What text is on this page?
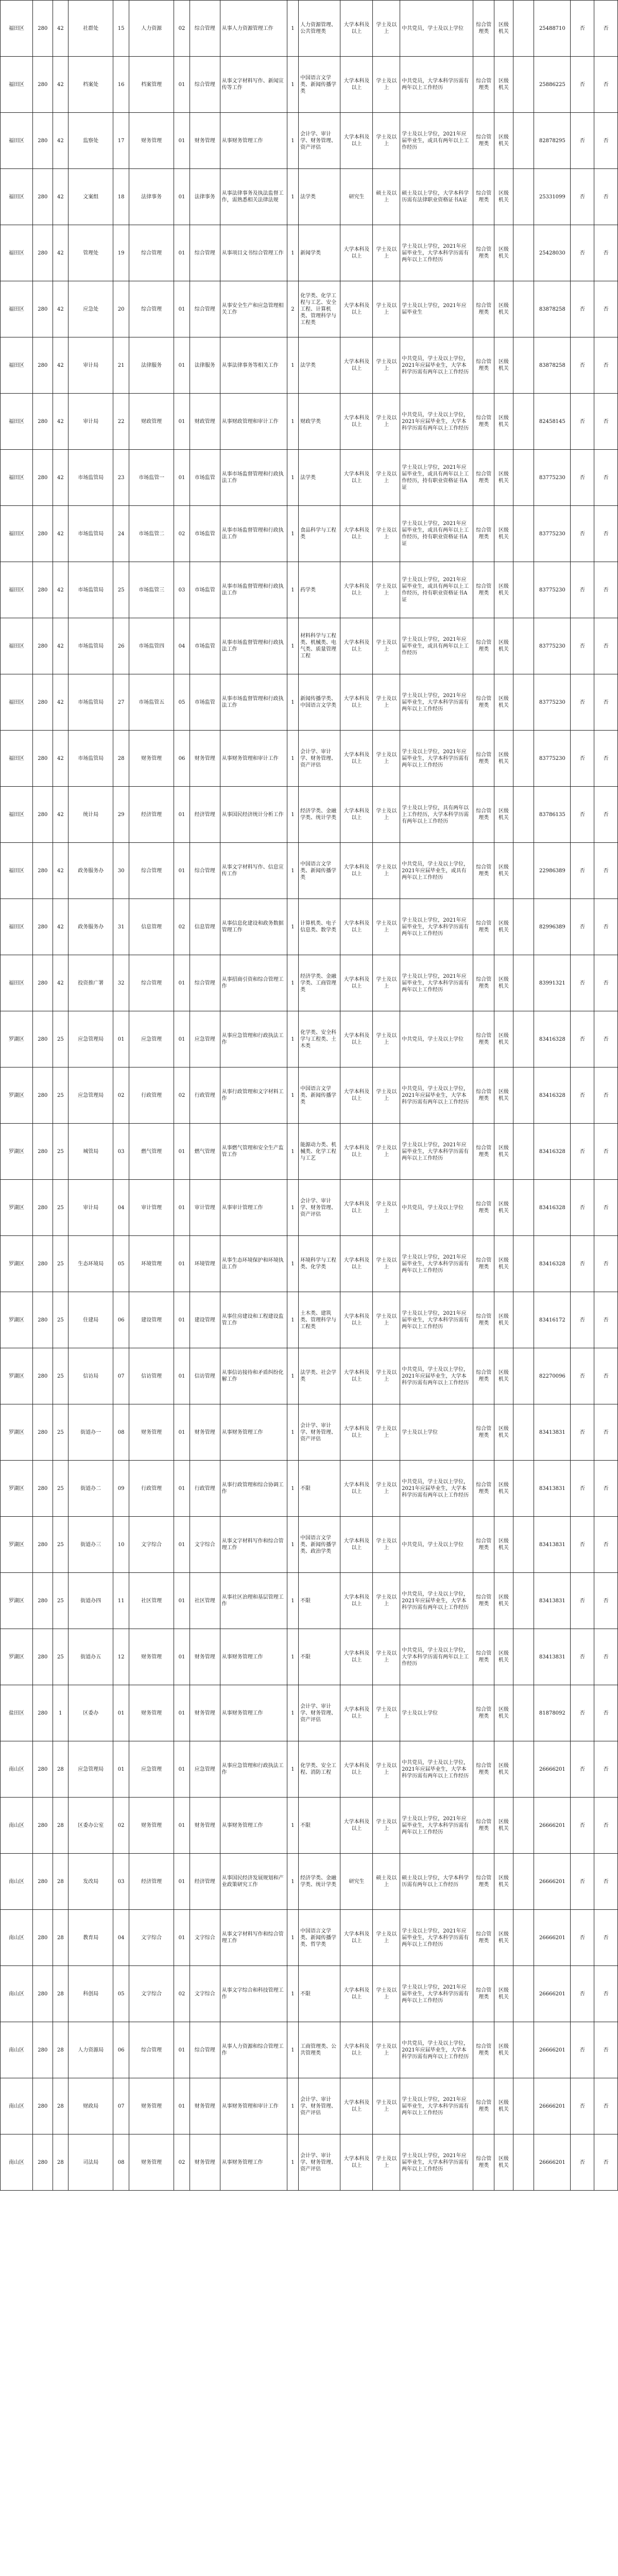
福田区	280	42	社群处	15	人力资源	02	综合管理	从事人力资源管理工作	1	人力资源管理、公共管理类	大学本科及以上	学士及以上	中共党员，学士及以上学位	综合管理类	区级机关		25488710	否	否
福田区	280	42	档案处	16	档案管理	01	综合管理	从事文字材料写作、新闻宣传等工作	1	中国语言文学类、新闻传播学类	大学本科及以上	学士及以上	中共党员，大学本科学历需有两年以上工作经历	综合管理类	区级机关		25886225	否	否
福田区	280	42	监察处	17	财务管理	01	财务管理	从事财务管理工作	1	会计学、审计学、财务管理、资产评估	大学本科及以上	学士及以上	学士及以上学位，2021年应届毕业生，或具有两年以上工作经历	综合管理类	区级机关		82878295	否	否
福田区	280	42	文案组	18	法律事务	01	法律事务	从事法律事务及执法监督工作，需熟悉相关法律法规	1	法学类	研究生	硕士及以上	硕士及以上学位，大学本科学历需有法律职业资格证书A证	综合管理类	区级机关		25331099	否	否
福田区	280	42	管理处	19	综合管理	01	综合管理	从事项目文书综合管理工作	1	新闻学类	大学本科及以上	学士及以上	学士及以上学位，2021年应届毕业生，大学本科学历需有两年以上工作经历	综合管理类	区级机关		25428030	否	否
福田区	280	42	应急处	20	综合管理	01	综合管理	从事安全生产和应急管理相关工作	2	化学类、化学工程与工艺、安全工程、计算机类、管理科学与工程类	大学本科及以上	学士及以上	学士及以上学位，2021年应届毕业生	综合管理类	区级机关		83878258	否	否
福田区	280	42	审计局	21	法律服务	01	法律服务	从事法律事务等相关工作	1	法学类	大学本科及以上	学士及以上	中共党员，学士及以上学位，2021年应届毕业生，大学本科学历需有两年以上工作经历	综合管理类	区级机关		83878258	否	否
福田区	280	42	审计局	22	财政管理	01	财政管理	从事财政管理和审计工作	1	财政学类	大学本科及以上	学士及以上	中共党员，学士及以上学位，2021年应届毕业生，大学本科学历需有两年以上工作经历	综合管理类	区级机关		82458145	否	否
福田区	280	42	市场监管局	23	市场监管一	01	市场监管	从事市场监督管理和行政执法工作	1	法学类	大学本科及以上	学士及以上	学士及以上学位，2021年应届毕业生，或具有两年以上工作经历，持有职业资格证书A证	综合管理类	区级机关		83775230	否	否
福田区	280	42	市场监管局	24	市场监管二	02	市场监管	从事市场监督管理和行政执法工作	1	食品科学与工程类	大学本科及以上	学士及以上	学士及以上学位，2021年应届毕业生，或具有两年以上工作经历，持有职业资格证书A证	综合管理类	区级机关		83775230	否	否
福田区	280	42	市场监管局	25	市场监管三	03	市场监管	从事市场监督管理和行政执法工作	1	药学类	大学本科及以上	学士及以上	学士及以上学位，2021年应届毕业生，或具有两年以上工作经历，持有职业资格证书A证	综合管理类	区级机关		83775230	否	否
福田区	280	42	市场监管局	26	市场监管四	04	市场监管	从事市场监督管理和行政执法工作	1	材料科学与工程类、机械类、电气类、质量管理工程	大学本科及以上	学士及以上	学士及以上学位，2021年应届毕业生，或具有两年以上工作经历	综合管理类	区级机关		83775230	否	否
福田区	280	42	市场监管局	27	市场监管五	05	市场监管	从事市场监督管理和行政执法工作	1	新闻传播学类、中国语言文学类	大学本科及以上	学士及以上	学士及以上学位，2021年应届毕业生，大学本科学历需有两年以上工作经历	综合管理类	区级机关		83775230	否	否
福田区	280	42	市场监管局	28	财务管理	06	财务管理	从事财务管理和审计工作	1	会计学、审计学、财务管理、资产评估	大学本科及以上	学士及以上	学士及以上学位，2021年应届毕业生，大学本科学历需有两年以上工作经历	综合管理类	区级机关		83775230	否	否
福田区	280	42	统计局	29	经济管理	01	经济管理	从事国民经济统计分析工作	1	经济学类、金融学类、统计学类	大学本科及以上	学士及以上	学士及以上学位，具有两年以上工作经历，大学本科学历需有两年以上工作经历	综合管理类	区级机关		83786135	否	否
福田区	280	42	政务服务办	30	综合管理	01	综合管理	从事文字材料写作、信息宣传工作	1	中国语言文学类、新闻传播学类	大学本科及以上	学士及以上	中共党员，学士及以上学位，2021年应届毕业生，或具有两年以上工作经历	综合管理类	区级机关		22986389	否	否
福田区	280	42	政务服务办	31	信息管理	02	信息管理	从事信息化建设和政务数据管理工作	1	计算机类、电子信息类、数学类	大学本科及以上	学士及以上	学士及以上学位，2021年应届毕业生，大学本科学历需有两年以上工作经历	综合管理类	区级机关		82996389	否	否
福田区	280	42	投资推广署	32	综合管理	01	综合管理	从事招商引资和综合管理工作	1	经济学类、金融学类、工商管理类	大学本科及以上	学士及以上	学士及以上学位，2021年应届毕业生，大学本科学历需有两年以上工作经历	综合管理类	区级机关		83991321	否	否
罗湖区	280	25	应急管理局	01	应急管理	01	应急管理	从事应急管理和行政执法工作	1	化学类、安全科学与工程类、土木类	大学本科及以上	学士及以上	中共党员，学士及以上学位	综合管理类	区级机关		83416328	否	否
罗湖区	280	25	应急管理局	02	行政管理	02	行政管理	从事行政管理和文字材料工作	1	中国语言文学类、新闻传播学类	大学本科及以上	学士及以上	中共党员，学士及以上学位，2021年应届毕业生，大学本科学历需有两年以上工作经历	综合管理类	区级机关		83416328	否	否
罗湖区	280	25	城管局	03	燃气管理	01	燃气管理	从事燃气管理和安全生产监管工作	1	能源动力类、机械类、化学工程与工艺	大学本科及以上	学士及以上	学士及以上学位，2021年应届毕业生，大学本科学历需有两年以上工作经历	综合管理类	区级机关		83416328	否	否
罗湖区	280	25	审计局	04	审计管理	01	审计管理	从事审计管理工作	1	会计学、审计学、财务管理、资产评估	大学本科及以上	学士及以上	中共党员，学士及以上学位	综合管理类	区级机关		83416328	否	否
罗湖区	280	25	生态环境局	05	环境管理	01	环境管理	从事生态环境保护和环境执法工作	1	环境科学与工程类、化学类	大学本科及以上	学士及以上	学士及以上学位，2021年应届毕业生，大学本科学历需有两年以上工作经历	综合管理类	区级机关		83416328	否	否
罗湖区	280	25	住建局	06	建设管理	01	建设管理	从事住房建设和工程建设监管工作	1	土木类、建筑类、管理科学与工程类	大学本科及以上	学士及以上	学士及以上学位，2021年应届毕业生，大学本科学历需有两年以上工作经历	综合管理类	区级机关		83416172	否	否
罗湖区	280	25	信访局	07	信访管理	01	信访管理	从事信访接待和矛盾纠纷化解工作	1	法学类、社会学类	大学本科及以上	学士及以上	中共党员，学士及以上学位，2021年应届毕业生，大学本科学历需有两年以上工作经历	综合管理类	区级机关		82270096	否	否
罗湖区	280	25	街道办一	08	财务管理	01	财务管理	从事财务管理工作	1	会计学、审计学、财务管理、资产评估	大学本科及以上	学士及以上	学士及以上学位	综合管理类	区级机关		83413831	否	否
罗湖区	280	25	街道办二	09	行政管理	01	行政管理	从事行政管理和综合协调工作	1	不限	大学本科及以上	学士及以上	中共党员，学士及以上学位，2021年应届毕业生，大学本科学历需有两年以上工作经历	综合管理类	区级机关		83413831	否	否
罗湖区	280	25	街道办三	10	文字综合	01	文字综合	从事文字材料写作和综合管理工作	1	中国语言文学类、新闻传播学类、政治学类	大学本科及以上	学士及以上	中共党员，学士及以上学位	综合管理类	区级机关		83413831	否	否
罗湖区	280	25	街道办四	11	社区管理	01	社区管理	从事社区治理和基层管理工作	1	不限	大学本科及以上	学士及以上	中共党员，学士及以上学位，2021年应届毕业生，大学本科学历需有两年以上工作经历	综合管理类	区级机关		83413831	否	否
罗湖区	280	25	街道办五	12	财务管理	01	财务管理	从事财务管理工作	1	不限	大学本科及以上	学士及以上	中共党员，学士及以上学位，大学本科学历需有两年以上工作经历	综合管理类	区级机关		83413831	否	否
盐田区	280	1	区委办	01	财务管理	01	财务管理	从事财务管理工作	1	会计学、审计学、财务管理、资产评估	大学本科及以上	学士及以上	学士及以上学位	综合管理类	区级机关		81878092	否	否
南山区	280	28	应急管理局	01	应急管理	01	应急管理	从事应急管理和行政执法工作	1	化学类、安全工程、消防工程	大学本科及以上	学士及以上	中共党员，学士及以上学位，2021年应届毕业生，大学本科学历需有两年以上工作经历	综合管理类	区级机关		26666201	否	否
南山区	280	28	区委办公室	02	财务管理	01	财务管理	从事财务管理工作	1	不限	大学本科及以上	学士及以上	学士及以上学位，2021年应届毕业生，大学本科学历需有两年以上工作经历	综合管理类	区级机关		26666201	否	否
南山区	280	28	发改局	03	经济管理	01	经济管理	从事国民经济发展规划和产业政策研究工作	1	经济学类、金融学类、统计学类	研究生	硕士及以上	硕士及以上学位，大学本科学历需有两年以上工作经历	综合管理类	区级机关		26666201	否	否
南山区	280	28	教育局	04	文字综合	01	文字综合	从事文字材料写作和综合管理工作	1	中国语言文学类、新闻传播学类、哲学类	大学本科及以上	学士及以上	学士及以上学位，2021年应届毕业生，大学本科学历需有两年以上工作经历	综合管理类	区级机关		26666201	否	否
南山区	280	28	科创局	05	文字综合	02	文字综合	从事文字综合和科技管理工作	1	不限	大学本科及以上	学士及以上	学士及以上学位，2021年应届毕业生，大学本科学历需有两年以上工作经历	综合管理类	区级机关		26666201	否	否
南山区	280	28	人力资源局	06	综合管理	01	综合管理	从事人力资源和综合管理工作	1	工商管理类、公共管理类	大学本科及以上	学士及以上	中共党员，学士及以上学位，2021年应届毕业生，大学本科学历需有两年以上工作经历	综合管理类	区级机关		26666201	否	否
南山区	280	28	财政局	07	财务管理	01	财务管理	从事财务管理和审计工作	1	会计学、审计学、财务管理、资产评估	大学本科及以上	学士及以上	学士及以上学位，2021年应届毕业生，大学本科学历需有两年以上工作经历	综合管理类	区级机关		26666201	否	否
南山区	280	28	司法局	08	财务管理	02	财务管理	从事财务管理工作	1	会计学、审计学、财务管理、资产评估	大学本科及以上	学士及以上	学士及以上学位，2021年应届毕业生，大学本科学历需有两年以上工作经历	综合管理类	区级机关		26666201	否	否
